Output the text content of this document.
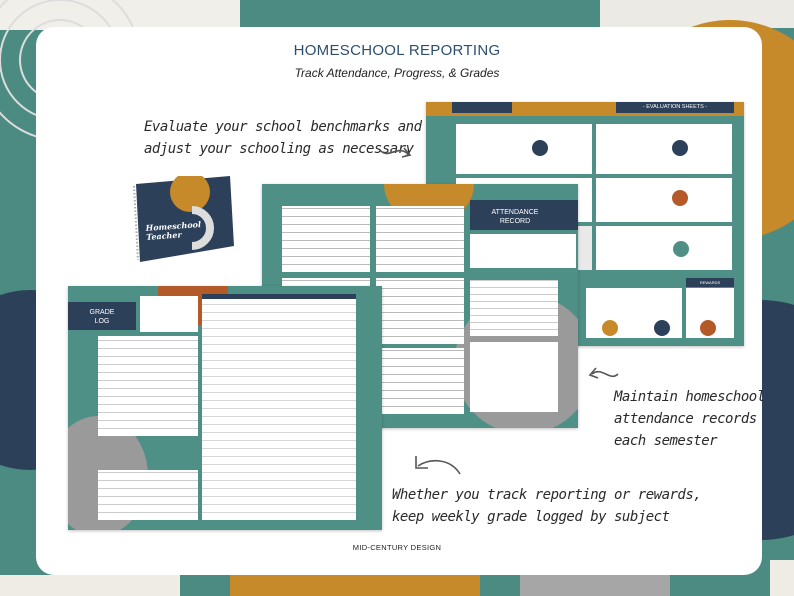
HOMESCHOOL REPORTING
Track Attendance, Progress, & Grades
Evaluate your school benchmarks and
adjust your schooling as necessary
- EVALUATION SHEETS -
REWARDS
ATTENDANCE
RECORD
GRADE
LOG
Homeschool
Teacher
Maintain homeschool
attendance records
each semester
Whether you track reporting or rewards,
keep weekly grade logged by subject
MID-CENTURY DESIGN
